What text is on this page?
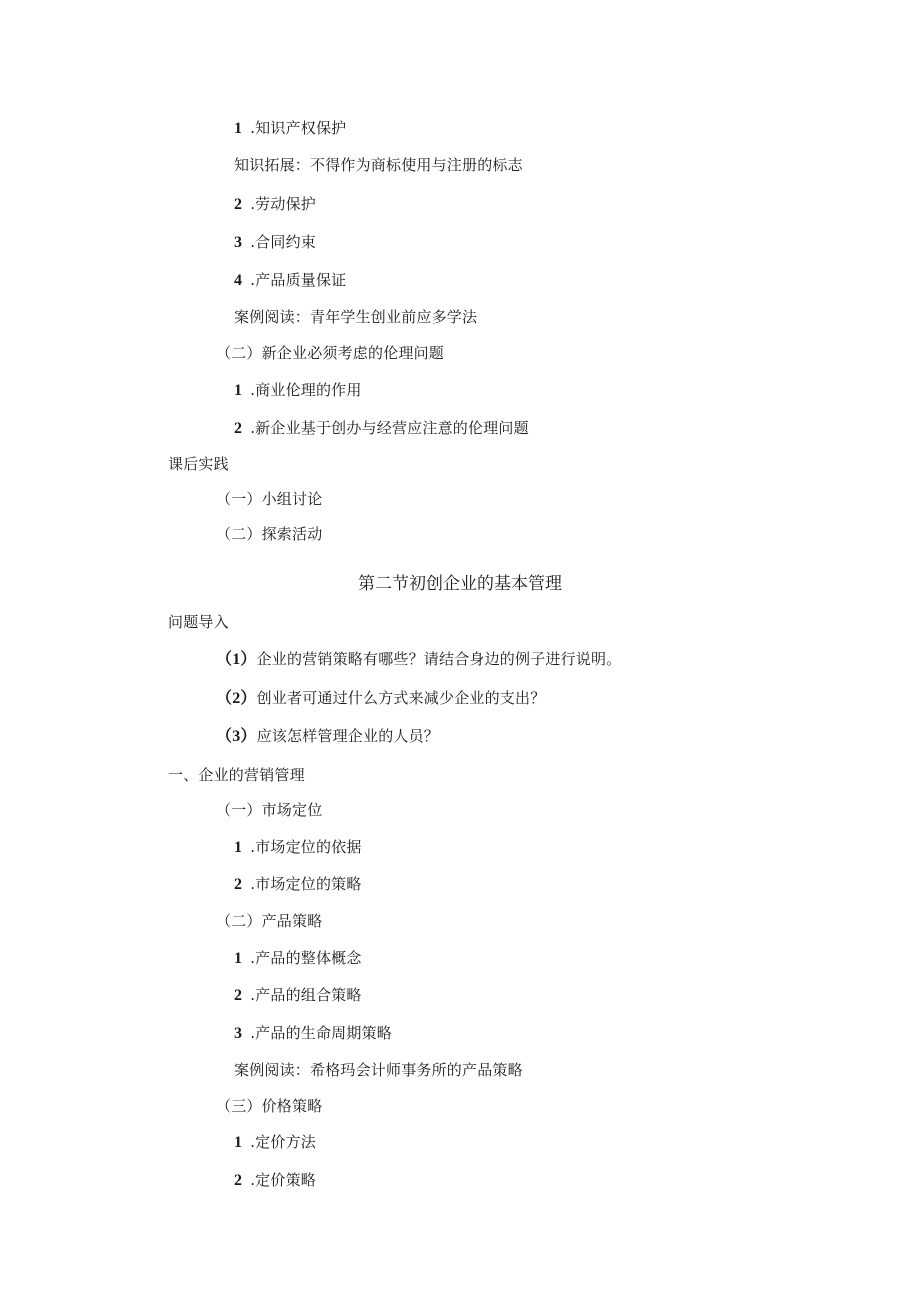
1 .知识产权保护
知识拓展：不得作为商标使用与注册的标志
2 .劳动保护
3 .合同约束
4 .产品质量保证
案例阅读：青年学生创业前应多学法
（二）新企业必须考虑的伦理问题
1 .商业伦理的作用
2 .新企业基于创办与经营应注意的伦理问题
课后实践
（一）小组讨论
（二）探索活动
第二节初创企业的基本管理
问题导入
（1）企业的营销策略有哪些？请结合身边的例子进行说明。
（2）创业者可通过什么方式来减少企业的支出？
（3）应该怎样管理企业的人员？
一、企业的营销管理
（一）市场定位
1 .市场定位的依据
2 .市场定位的策略
（二）产品策略
1 .产品的整体概念
2 .产品的组合策略
3 .产品的生命周期策略
案例阅读：希格玛会计师事务所的产品策略
（三）价格策略
1 .定价方法
2 .定价策略
